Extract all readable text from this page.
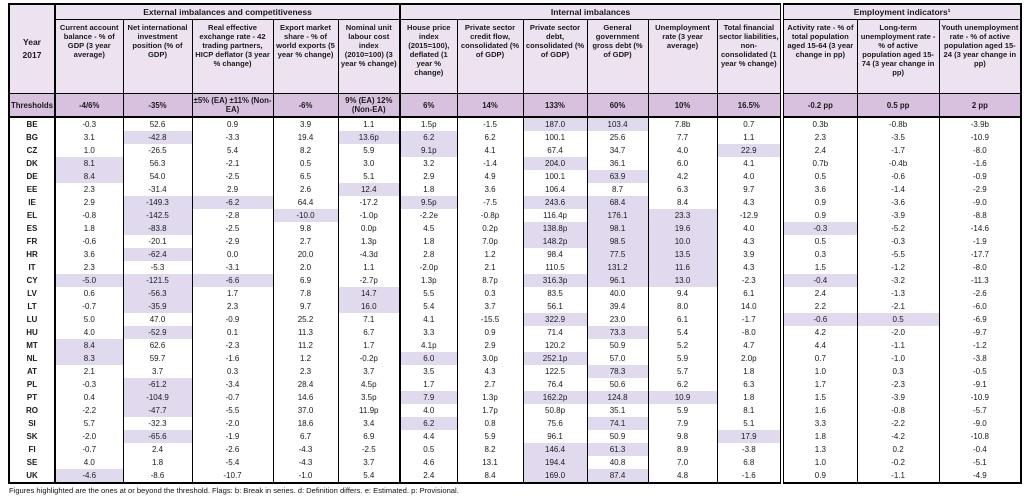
Year
2017	External imbalances and competitiveness					Internal imbalances						Employment indicators¹		
	Current account balance - % of GDP (3 year average)	Net international investment position (% of GDP)	Real effective exchange rate - 42 trading partners, HICP deflator (3 year % change)	Export market share - % of world exports (5 year % change)	Nominal unit labour cost index (2010=100) (3 year % change)	House price index (2015=100), deflated (1 year % change)	Private sector credit flow, consolidated (% of GDP)	Private sector debt, consolidated (% of GDP)	General government gross debt (% of GDP)	Unemployment rate (3 year average)	Total financial sector liabilities, non-consolidated (1 year % change)	Activity rate - % of total population aged 15-64 (3 year change in pp)	Long-term unemployment rate - % of active population aged 15-74 (3 year change in pp)	Youth unemployment rate - % of active population aged 15-24 (3 year change in pp)
Thresholds	-4/6%	-35%	±5% (EA) ±11% (Non-EA)	-6%	9% (EA) 12% (Non-EA)	6%	14%	133%	60%	10%	16.5%	-0.2 pp	0.5 pp	2 pp
BE	-0.3	52.6	0.9	3.9	1.1	1.5p	-1.5	187.0	103.4	7.8b	0.7	0.3b	-0.8b	-3.9b
BG	3.1	-42.8	-3.3	19.4	13.6p	6.2	6.2	100.1	25.6	7.7	1.1	2.3	-3.5	-10.9
CZ	1.0	-26.5	5.4	8.2	5.9	9.1p	4.1	67.4	34.7	4.0	22.9	2.4	-1.7	-8.0
DK	8.1	56.3	-2.1	0.5	3.0	3.2	-1.4	204.0	36.1	6.0	4.1	0.7b	-0.4b	-1.6
DE	8.4	54.0	-2.5	6.5	5.1	2.9	4.9	100.1	63.9	4.2	4.0	0.5	-0.6	-0.9
EE	2.3	-31.4	2.9	2.6	12.4	1.8	3.6	106.4	8.7	6.3	9.7	3.6	-1.4	-2.9
IE	2.9	-149.3	-6.2	64.4	-17.2	9.5p	-7.5	243.6	68.4	8.4	4.3	0.9	-3.6	-9.0
EL	-0.8	-142.5	-2.8	-10.0	-1.0p	-2.2e	-0.8p	116.4p	176.1	23.3	-12.9	0.9	-3.9	-8.8
ES	1.8	-83.8	-2.5	9.8	0.0p	4.5	0.2p	138.8p	98.1	19.6	4.0	-0.3	-5.2	-14.6
FR	-0.6	-20.1	-2.9	2.7	1.3p	1.8	7.0p	148.2p	98.5	10.0	4.3	0.5	-0.3	-1.9
HR	3.6	-62.4	0.0	20.0	-4.3d	2.8	1.2	98.4	77.5	13.5	3.9	0.3	-5.5	-17.7
IT	2.3	-5.3	-3.1	2.0	1.1	-2.0p	2.1	110.5	131.2	11.6	4.3	1.5	-1.2	-8.0
CY	-5.0	-121.5	-6.6	6.9	-2.7p	1.3p	8.7p	316.3p	96.1	13.0	-2.3	-0.4	-3.2	-11.3
LV	0.6	-56.3	1.7	7.8	14.7	5.5	0.3	83.5	40.0	9.4	6.1	2.4	-1.3	-2.6
LT	-0.7	-35.9	2.3	9.7	16.0	5.4	3.7	56.1	39.4	8.0	14.0	2.2	-2.1	-6.0
LU	5.0	47.0	-0.9	25.2	7.1	4.1	-15.5	322.9	23.0	6.1	-1.7	-0.6	0.5	-6.9
HU	4.0	-52.9	0.1	11.3	6.7	3.3	0.9	71.4	73.3	5.4	-8.0	4.2	-2.0	-9.7
MT	8.4	62.6	-2.3	11.2	1.7	4.1p	2.9	120.2	50.9	5.2	4.7	4.4	-1.1	-1.2
NL	8.3	59.7	-1.6	1.2	-0.2p	6.0	3.0p	252.1p	57.0	5.9	2.0p	0.7	-1.0	-3.8
AT	2.1	3.7	0.3	2.3	3.7	3.5	4.3	122.5	78.3	5.7	1.8	1.0	0.3	-0.5
PL	-0.3	-61.2	-3.4	28.4	4.5p	1.7	2.7	76.4	50.6	6.2	6.3	1.7	-2.3	-9.1
PT	0.4	-104.9	-0.7	14.6	3.5p	7.9	1.3p	162.2p	124.8	10.9	1.8	1.5	-3.9	-10.9
RO	-2.2	-47.7	-5.5	37.0	11.9p	4.0	1.7p	50.8p	35.1	5.9	8.1	1.6	-0.8	-5.7
SI	5.7	-32.3	-2.0	18.6	3.4	6.2	0.8	75.6	74.1	7.9	5.1	3.3	-2.2	-9.0
SK	-2.0	-65.6	-1.9	6.7	6.9	4.4	5.9	96.1	50.9	9.8	17.9	1.8	-4.2	-10.8
FI	-0.7	2.4	-2.6	-4.3	-2.5	0.5	8.2	146.4	61.3	8.9	-3.8	1.3	0.2	-0.4
SE	4.0	1.8	-5.4	-4.3	3.7	4.6	13.1	194.4	40.8	7.0	6.8	1.0	-0.2	-5.1
UK	-4.6	-8.6	-10.7	-1.0	5.4	2.4	8.4	169.0	87.4	4.8	-1.6	0.9	-1.1	-4.9
Figures highlighted are the ones at or beyond the threshold. Flags: b: Break in series. d: Definition differs. e: Estimated. p: Provisional.
